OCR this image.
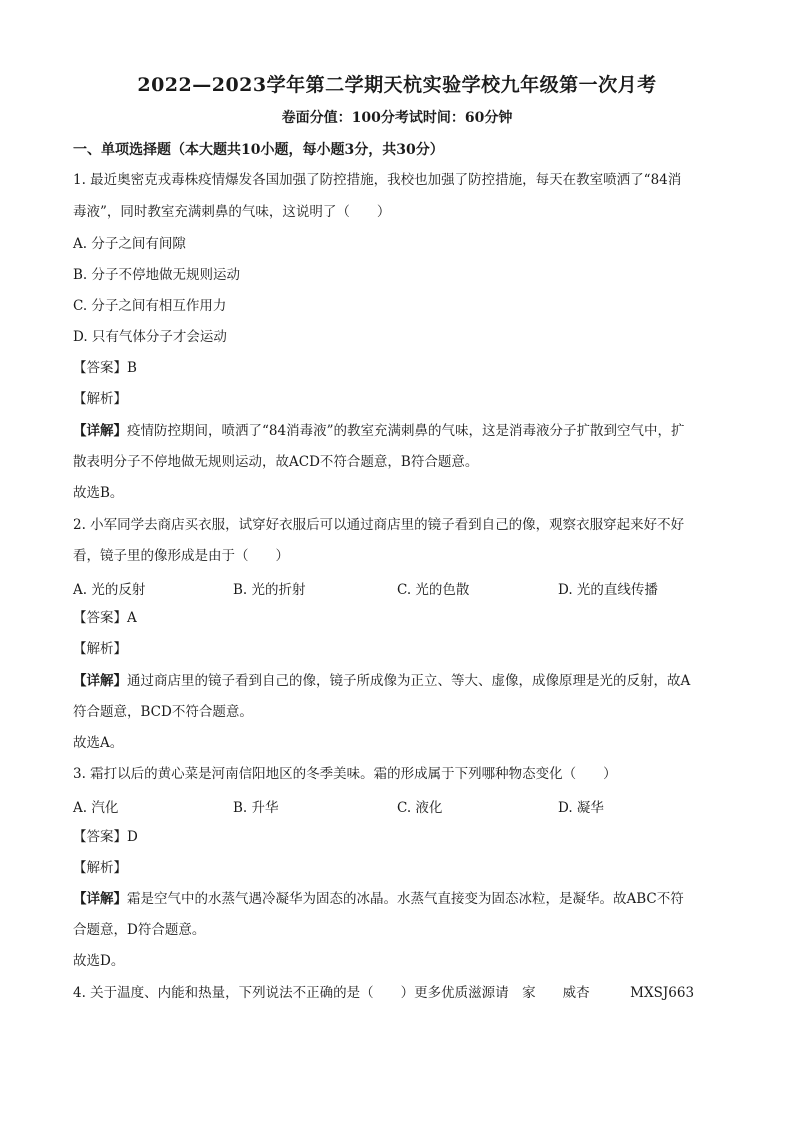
2022—2023学年第二学期天杭实验学校九年级第一次月考
卷面分值：100分考试时间：60分钟
一、单项选择题（本大题共10小题，每小题3分，共30分）
1. 最近奥密克戎毒株疫情爆发各国加强了防控措施，我校也加强了防控措施，每天在教室喷洒了“84消
毒液”，同时教室充满刺鼻的气味，这说明了（　　）
A. 分子之间有间隙
B. 分子不停地做无规则运动
C. 分子之间有相互作用力
D. 只有气体分子才会运动
【答案】B
【解析】
【详解】疫情防控期间，喷洒了“84消毒液”的教室充满刺鼻的气味，这是消毒液分子扩散到空气中，扩
散表明分子不停地做无规则运动，故ACD不符合题意，B符合题意。
故选B。
2. 小军同学去商店买衣服，试穿好衣服后可以通过商店里的镜子看到自己的像，观察衣服穿起来好不好
看，镜子里的像形成是由于（　　）
A. 光的反射	B. 光的折射	C. 光的色散	D. 光的直线传播
【答案】A
【解析】
【详解】通过商店里的镜子看到自己的像，镜子所成像为正立、等大、虚像，成像原理是光的反射，故A
符合题意，BCD不符合题意。
故选A。
3. 霜打以后的黄心菜是河南信阳地区的冬季美味。霜的形成属于下列哪种物态变化（　　）
A. 汽化	B. 升华	C. 液化	D. 凝华
【答案】D
【解析】
【详解】霜是空气中的水蒸气遇冷凝华为固态的冰晶。水蒸气直接变为固态冰粒，是凝华。故ABC不符
合题意，D符合题意。
故选D。
4. 关于温度、内能和热量，下列说法不正确的是（　　）更多优质滋源请　家　　威杏　　　MXSJ663
